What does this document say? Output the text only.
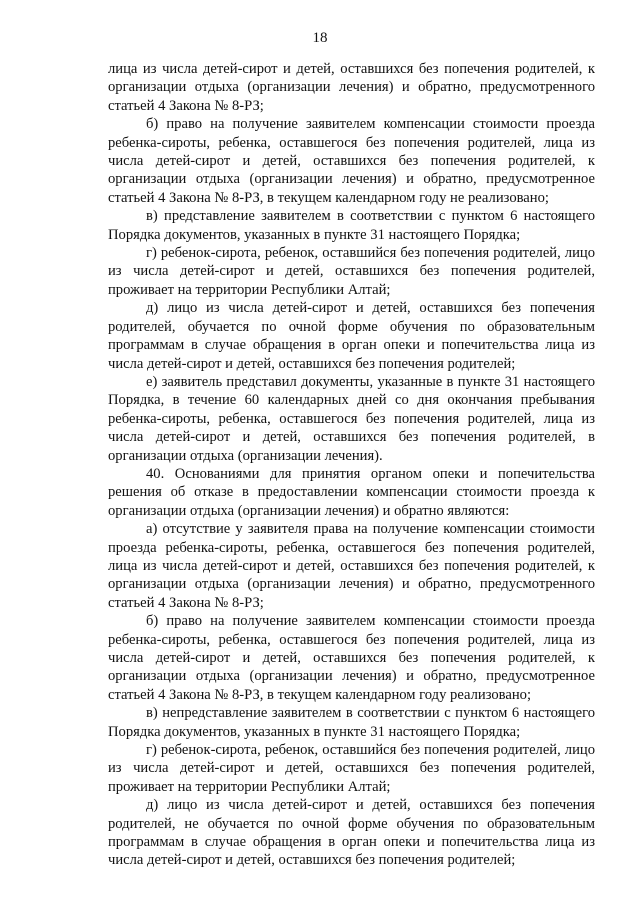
18

лица из числа детей-сирот и детей, оставшихся без попечения родителей, к организации отдыха (организации лечения) и обратно, предусмотренного статьей 4 Закона № 8-РЗ;

б) право на получение заявителем компенсации стоимости проезда ребенка-сироты, ребенка, оставшегося без попечения родителей, лица из числа детей-сирот и детей, оставшихся без попечения родителей, к организации отдыха (организации лечения) и обратно, предусмотренное статьей 4 Закона № 8-РЗ, в текущем календарном году не реализовано;

в) представление заявителем в соответствии с пунктом 6 настоящего Порядка документов, указанных в пункте 31 настоящего Порядка;

г) ребенок-сирота, ребенок, оставшийся без попечения родителей, лицо из числа детей-сирот и детей, оставшихся без попечения родителей, проживает на территории Республики Алтай;

д) лицо из числа детей-сирот и детей, оставшихся без попечения родителей, обучается по очной форме обучения по образовательным программам в случае обращения в орган опеки и попечительства лица из числа детей-сирот и детей, оставшихся без попечения родителей;

е) заявитель представил документы, указанные в пункте 31 настоящего Порядка, в течение 60 календарных дней со дня окончания пребывания ребенка-сироты, ребенка, оставшегося без попечения родителей, лица из числа детей-сирот и детей, оставшихся без попечения родителей, в организации отдыха (организации лечения).

40. Основаниями для принятия органом опеки и попечительства решения об отказе в предоставлении компенсации стоимости проезда к организации отдыха (организации лечения) и обратно являются:

а) отсутствие у заявителя права на получение компенсации стоимости проезда ребенка-сироты, ребенка, оставшегося без попечения родителей, лица из числа детей-сирот и детей, оставшихся без попечения родителей, к организации отдыха (организации лечения) и обратно, предусмотренного статьей 4 Закона № 8-РЗ;

б) право на получение заявителем компенсации стоимости проезда ребенка-сироты, ребенка, оставшегося без попечения родителей, лица из числа детей-сирот и детей, оставшихся без попечения родителей, к организации отдыха (организации лечения) и обратно, предусмотренное статьей 4 Закона № 8-РЗ, в текущем календарном году реализовано;

в) непредставление заявителем в соответствии с пунктом 6 настоящего Порядка документов, указанных в пункте 31 настоящего Порядка;

г) ребенок-сирота, ребенок, оставшийся без попечения родителей, лицо из числа детей-сирот и детей, оставшихся без попечения родителей, проживает на территории Республики Алтай;

д) лицо из числа детей-сирот и детей, оставшихся без попечения родителей, не обучается по очной форме обучения по образовательным программам в случае обращения в орган опеки и попечительства лица из числа детей-сирот и детей, оставшихся без попечения родителей;
